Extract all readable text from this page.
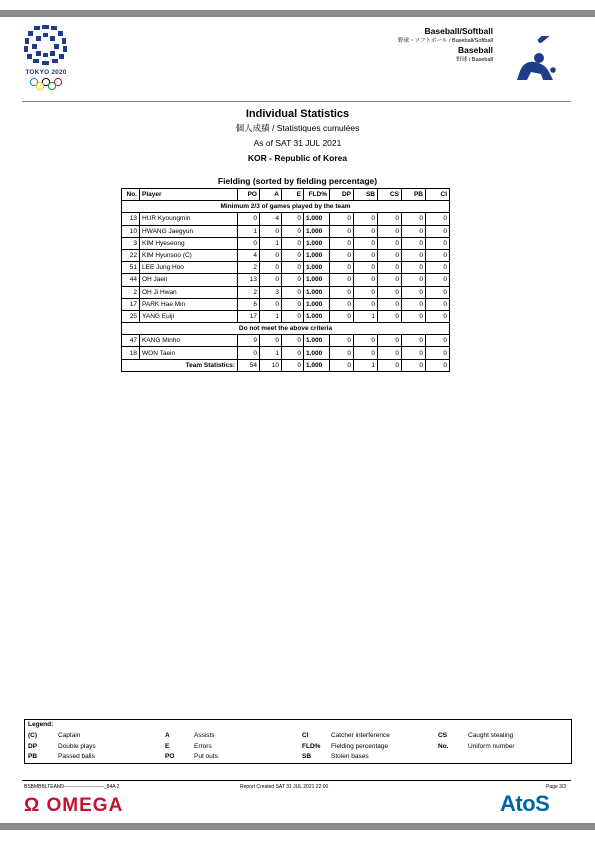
TOKYO 2020
Baseball/Softball
野球・ソフトボール / Baseball/Softball
Baseball
野球 / Baseball
Individual Statistics
個人成績 / Statistiques cumulées
As of SAT 31 JUL 2021
KOR - Republic of Korea
Fielding (sorted by fielding percentage)
No.	Player	PO	A	E	FLD%	DP	SB	CS	PB	CI
Minimum 2/3 of games played by the team										
13	HUR Kyoungmin	0	4	0	1.000	0	0	0	0	0
10	HWANG Jaegyun	1	0	0	1.000	0	0	0	0	0
3	KIM Hyeseong	0	1	0	1.000	0	0	0	0	0
22	KIM Hyunsoo (C)	4	0	0	1.000	0	0	0	0	0
51	LEE Jung Hoo	2	0	0	1.000	0	0	0	0	0
44	OH Jaeil	13	0	0	1.000	0	0	0	0	0
2	OH Ji Hwan	2	3	0	1.000	0	0	0	0	0
17	PARK Hae Min	6	0	0	1.000	0	0	0	0	0
25	YANG Euiji	17	1	0	1.000	0	1	0	0	0
Do not meet the above criteria										
47	KANG Minho	9	0	0	1.000	0	0	0	0	0
18	WON Taein	0	1	0	1.000	0	0	0	0	0
Team Statistics:		54	10	0	1.000	0	1	0	0	0
Legend:
(C)	Captain
DP	Double plays
PB	Passed balls
A	Assists
E	Errors
PO	Put outs
CI	Catcher interference
FLD% Fielding percentage
SB	Stolen bases
CS	Caught stealing
No.	Uniform number
BSBMBBLTEAM9------------------------_84A 2	Report Created SAT 31 JUL 2021 22:00	Page 3/3
Ω OMEGA	AtoS
